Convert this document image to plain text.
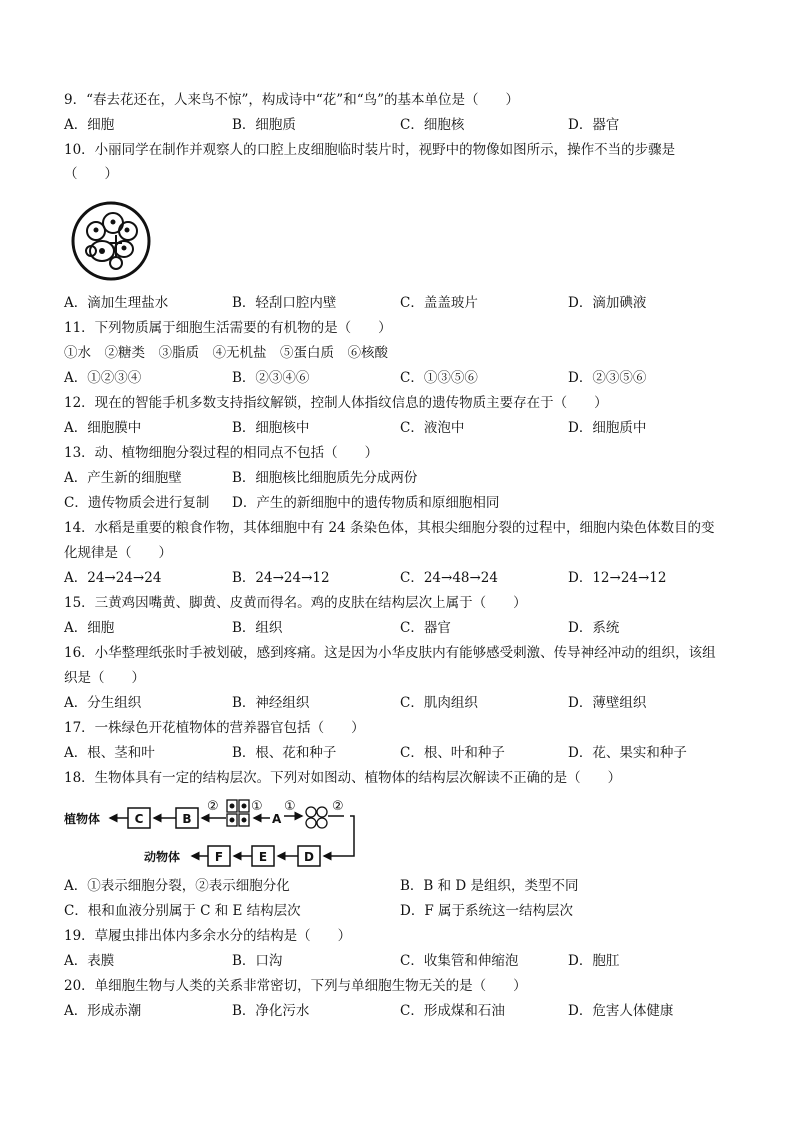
9．“春去花还在，人来鸟不惊”，构成诗中“花”和“鸟”的基本单位是（　　）
A．细胞	B．细胞质	C．细胞核	D．器官
10．小丽同学在制作并观察人的口腔上皮细胞临时装片时，视野中的物像如图所示，操作不当的步骤是
（　　）
A．滴加生理盐水	B．轻刮口腔内壁	C．盖盖玻片	D．滴加碘液
11．下列物质属于细胞生活需要的有机物的是（　　）
①水　②糖类　③脂质　④无机盐　⑤蛋白质　⑥核酸
A．①②③④	B．②③④⑥	C．①③⑤⑥	D．②③⑤⑥
12．现在的智能手机多数支持指纹解锁，控制人体指纹信息的遗传物质主要存在于（　　）
A．细胞膜中	B．细胞核中	C．液泡中	D．细胞质中
13．动、植物细胞分裂过程的相同点不包括（　　）
A．产生新的细胞壁	B．细胞核比细胞质先分成两份
C．遗传物质会进行复制 D．产生的新细胞中的遗传物质和原细胞相同
14．水稻是重要的粮食作物，其体细胞中有 24 条染色体，其根尖细胞分裂的过程中，细胞内染色体数目的变
化规律是（　　）
A．24→24→24	B．24→24→12	C．24→48→24	D．12→24→12
15．三黄鸡因嘴黄、脚黄、皮黄而得名。鸡的皮肤在结构层次上属于（　　）
A．细胞	B．组织	C．器官	D．系统
16．小华整理纸张时手被划破，感到疼痛。这是因为小华皮肤内有能够感受刺激、传导神经冲动的组织，该组
织是（　　）
A．分生组织	B．神经组织	C．肌肉组织	D．薄壁组织
17．一株绿色开花植物体的营养器官包括（　　）
A．根、茎和叶	B．根、花和种子	C．根、叶和种子	D．花、果实和种子
18．生物体具有一定的结构层次。下列对如图动、植物体的结构层次解读不正确的是（　　）
植物体	C	B
② ①
A
①	②
动物体	F	E	D
A．①表示细胞分裂，②表示细胞分化	B．B 和 D 是组织，类型不同
C．根和血液分别属于 C 和 E 结构层次	D．F 属于系统这一结构层次
19．草履虫排出体内多余水分的结构是（　　）
A．表膜	B．口沟	C．收集管和伸缩泡	D．胞肛
20．单细胞生物与人类的关系非常密切，下列与单细胞生物无关的是（　　）
A．形成赤潮	B．净化污水	C．形成煤和石油	D．危害人体健康
